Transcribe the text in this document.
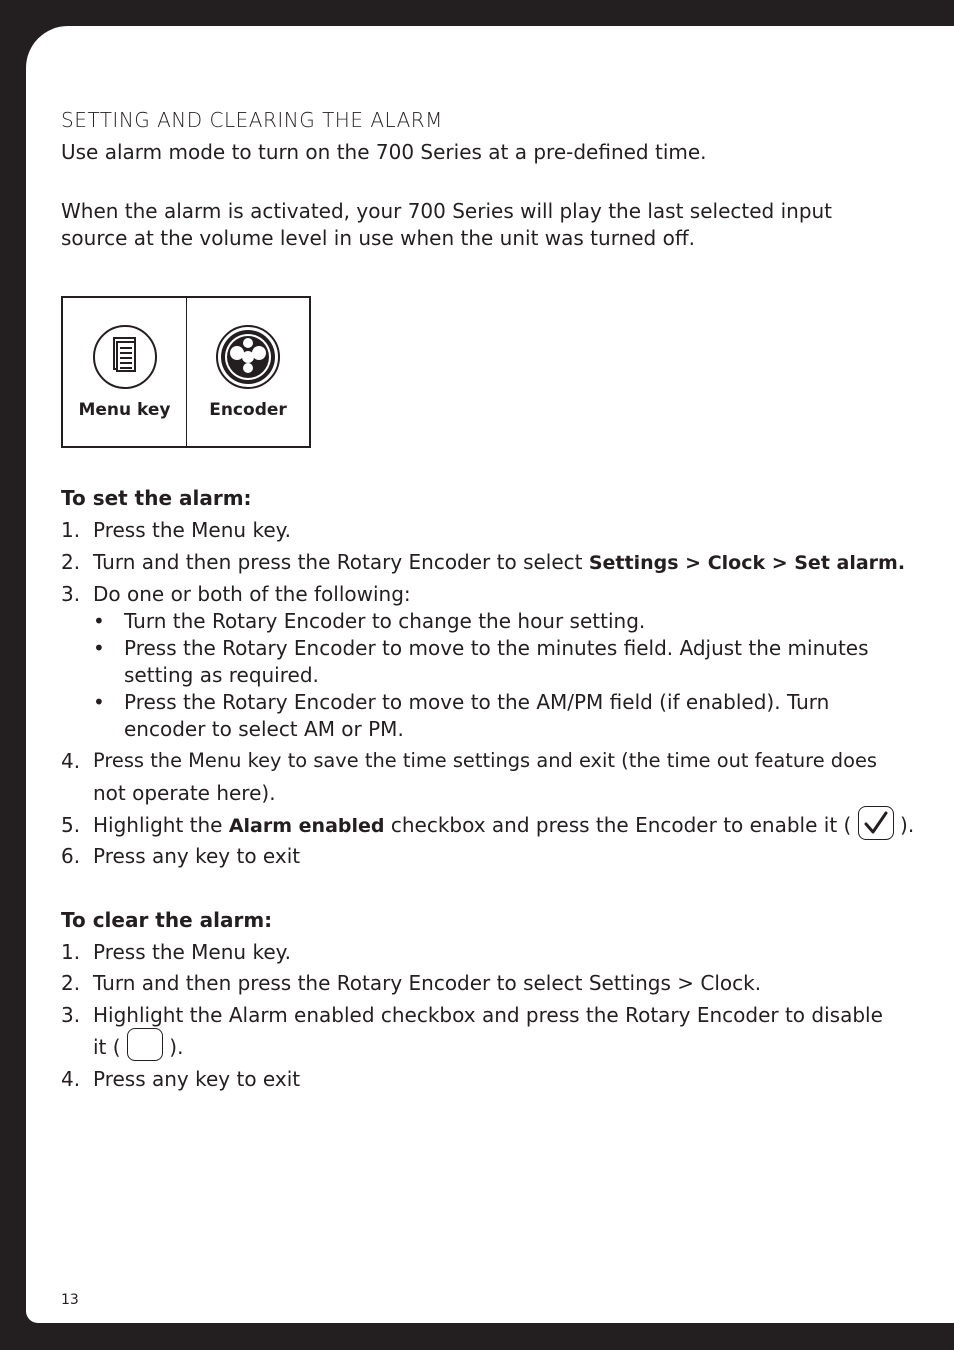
SETTING AND CLEARING THE ALARM
Use alarm mode to turn on the 700 Series at a pre-defined time.
When the alarm is activated, your 700 Series will play the last selected input
source at the volume level in use when the unit was turned off.
Menu key	Encoder
To set the alarm:
1. Press the Menu key.
2. Turn and then press the Rotary Encoder to select Settings > Clock > Set alarm.
3. Do one or both of the following:
• Turn the Rotary Encoder to change the hour setting.
• Press the Rotary Encoder to move to the minutes field. Adjust the minutes
setting as required.
• Press the Rotary Encoder to move to the AM/PM field (if enabled). Turn
encoder to select AM or PM.
4. Press the Menu key to save the time settings and exit (the time out feature does
not operate here).
5. Highlight the Alarm enabled checkbox and press the Encoder to enable it (
).
6. Press any key to exit
To clear the alarm:
1. Press the Menu key.
2. Turn and then press the Rotary Encoder to select Settings > Clock.
3. Highlight the Alarm enabled checkbox and press the Rotary Encoder to disable
it (  ).
4. Press any key to exit
13
